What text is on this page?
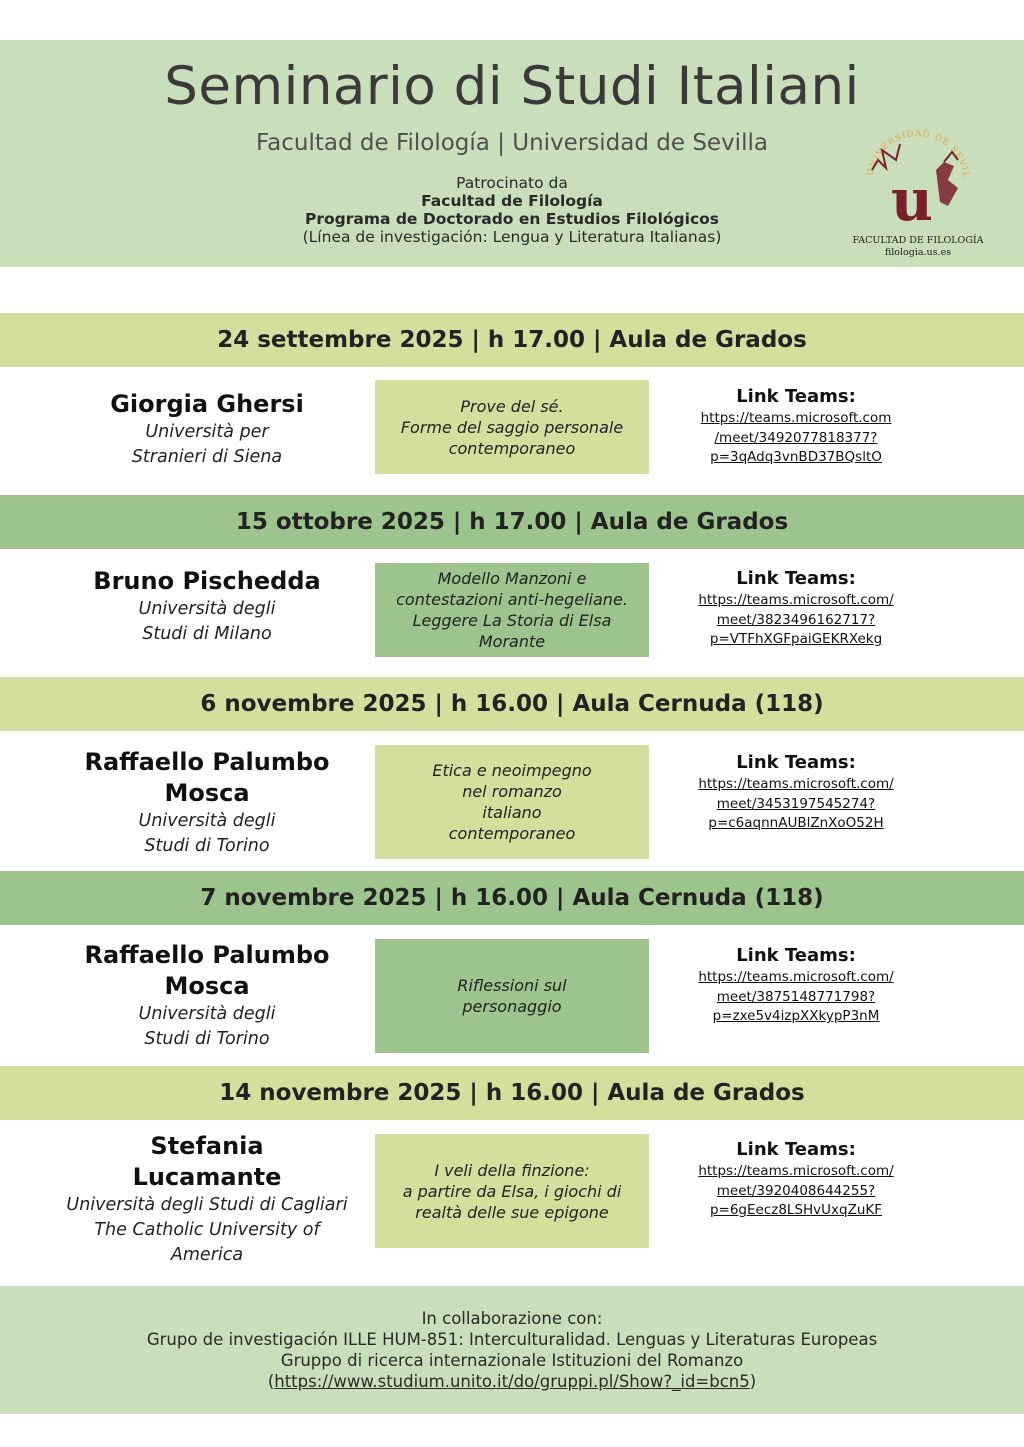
Seminario di Studi Italiani
Facultad de Filología | Universidad de Sevilla
Patrocinato da
Facultad de Filología
Programa de Doctorado en Estudios Filológicos
(Línea de investigación: Lengua y Literatura Italianas)
UNIVERSIDAD DE SEVIL
u
FACULTAD DE FILOLOGÍA
filologia.us.es
24 settembre 2025 | h 17.00 | Aula de Grados
Giorgia Ghersi
Università per
Stranieri di Siena
Prove del sé.
Forme del saggio personale
contemporaneo
Link Teams:
https://teams.microsoft.com
/meet/3492077818377?
p=3qAdq3vnBD37BQsltO
15 ottobre 2025 | h 17.00 | Aula de Grados
Bruno Pischedda
Università degli
Studi di Milano
Modello Manzoni e
contestazioni anti-hegeliane.
Leggere La Storia di Elsa
Morante
Link Teams:
https://teams.microsoft.com/
meet/3823496162717?
p=VTFhXGFpaiGEKRXekg
6 novembre 2025 | h 16.00 | Aula Cernuda (118)
Raffaello Palumbo
Mosca
Università degli
Studi di Torino
Etica e neoimpegno
nel romanzo
italiano
contemporaneo
Link Teams:
https://teams.microsoft.com/
meet/3453197545274?
p=c6aqnnAUBlZnXoO52H
7 novembre 2025 | h 16.00 | Aula Cernuda (118)
Raffaello Palumbo
Mosca
Università degli
Studi di Torino
Riflessioni sul
personaggio
Link Teams:
https://teams.microsoft.com/
meet/3875148771798?
p=zxe5v4izpXXkypP3nM
14 novembre 2025 | h 16.00 | Aula de Grados
Stefania
Lucamante
Università degli Studi di Cagliari
The Catholic University of
America
I veli della finzione:
a partire da Elsa, i giochi di
realtà delle sue epigone
Link Teams:
https://teams.microsoft.com/
meet/3920408644255?
p=6gEecz8LSHvUxqZuKF
In collaborazione con:
Grupo de investigación ILLE HUM-851: Interculturalidad. Lenguas y Literaturas Europeas
Gruppo di ricerca internazionale Istituzioni del Romanzo
(https://www.studium.unito.it/do/gruppi.pl/Show?_id=bcn5)
